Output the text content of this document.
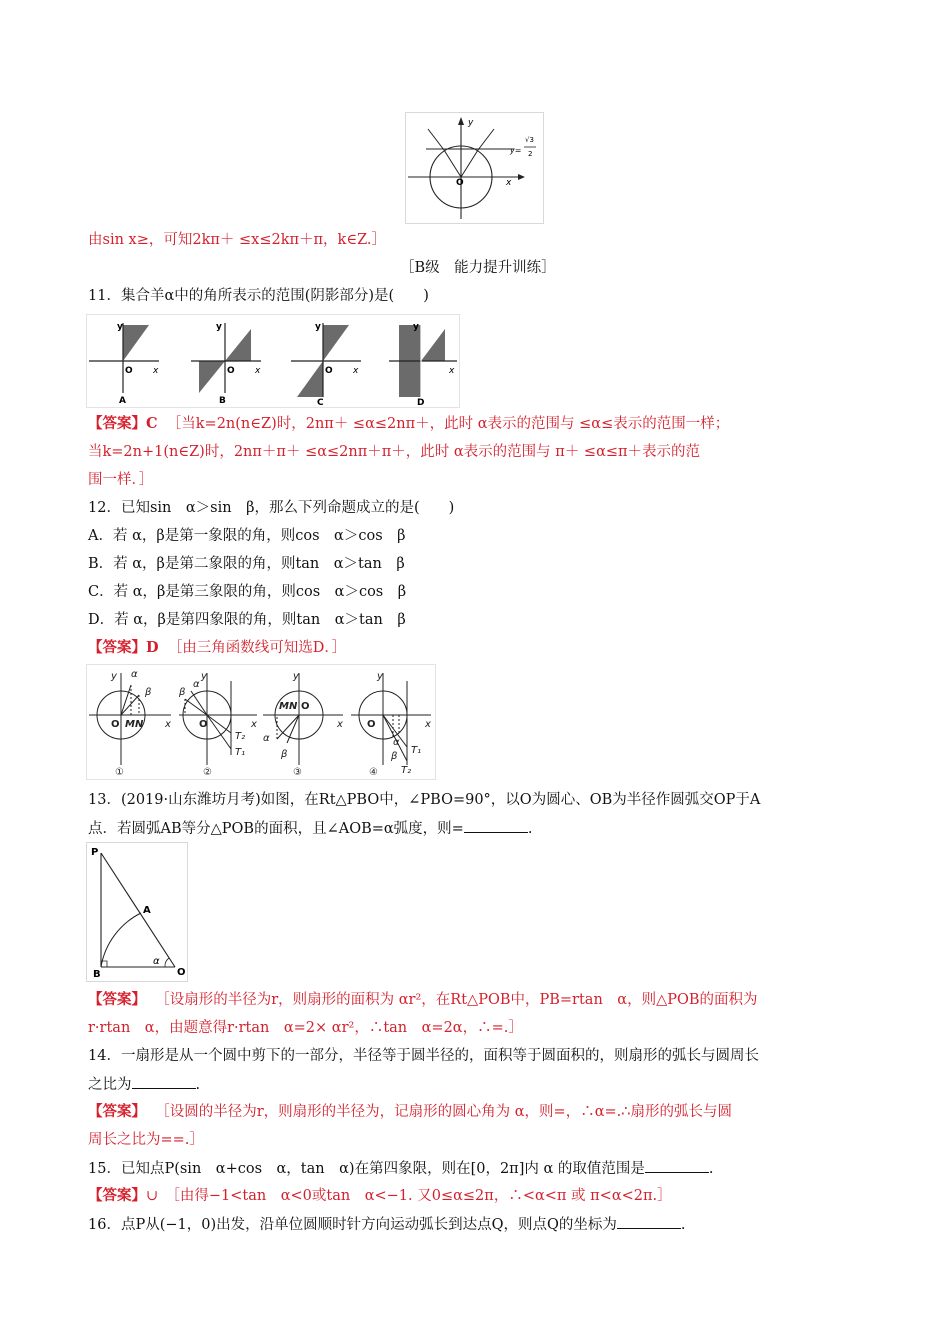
y
x
O
y=
√3
2
由sin x≥，可知2kπ＋ ≤x≤2kπ＋π，k∈Z.］
［B级　能力提升训练］
11．集合羊α中的角所表示的范围(阴影部分)是(　　)
y
O x
A
y
O x
B
y
O x
C
y
O x
D
【答案】C ［当k=2n(n∈Z)时，2nπ＋ ≤α≤2nπ＋，此时 α表示的范围与 ≤α≤表示的范围一样；
当k=2n+1(n∈Z)时，2nπ＋π＋ ≤α≤2nπ＋π＋，此时 α表示的范围与 π＋ ≤α≤π＋表示的范
围一样．］
12．已知sin　α＞sin　β，那么下列命题成立的是(　　)
A．若 α，β是第一象限的角，则cos　α＞cos　β
B．若 α，β是第二象限的角，则tan　α＞tan　β
C．若 α，β是第三象限的角，则cos　α＞cos　β
D．若 α，β是第四象限的角，则tan　α＞tan　β
【答案】D ［由三角函数线可知选D．］
y α
β
O MN x
①
y
β
α
O	x
T₂
T₁
②
y
MN O
x
α
β
③
y
O	x
α
β
T₁
T₂
④
13．(2019·山东潍坊月考)如图，在Rt△PBO中，∠PBO=90°，以O为圆心、OB为半径作圆弧交OP于A
点．若圆弧AB等分△POB的面积，且∠AOB=α弧度，则=	.
P
A
B	O
α
【答案】 ［设扇形的半径为r，则扇形的面积为 αr²，在Rt△POB中，PB=rtan　α，则△POB的面积为
r·rtan　α，由题意得r·rtan　α=2× αr²，∴tan　α=2α，∴=.］
14．一扇形是从一个圆中剪下的一部分，半径等于圆半径的，面积等于圆面积的，则扇形的弧长与圆周长
之比为	.
【答案】 ［设圆的半径为r，则扇形的半径为，记扇形的圆心角为 α，则=，∴α=.∴扇形的弧长与圆
周长之比为==.］
15．已知点P(sin　α+cos　α，tan　α)在第四象限，则在[0，2π]内 α 的取值范围是	.
【答案】∪　［由得−1<tan　α<0或tan　α<−1. 又0≤α≤2π，∴<α<π 或 π<α<2π.］
16．点P从(−1，0)出发，沿单位圆顺时针方向运动弧长到达点Q，则点Q的坐标为	.
